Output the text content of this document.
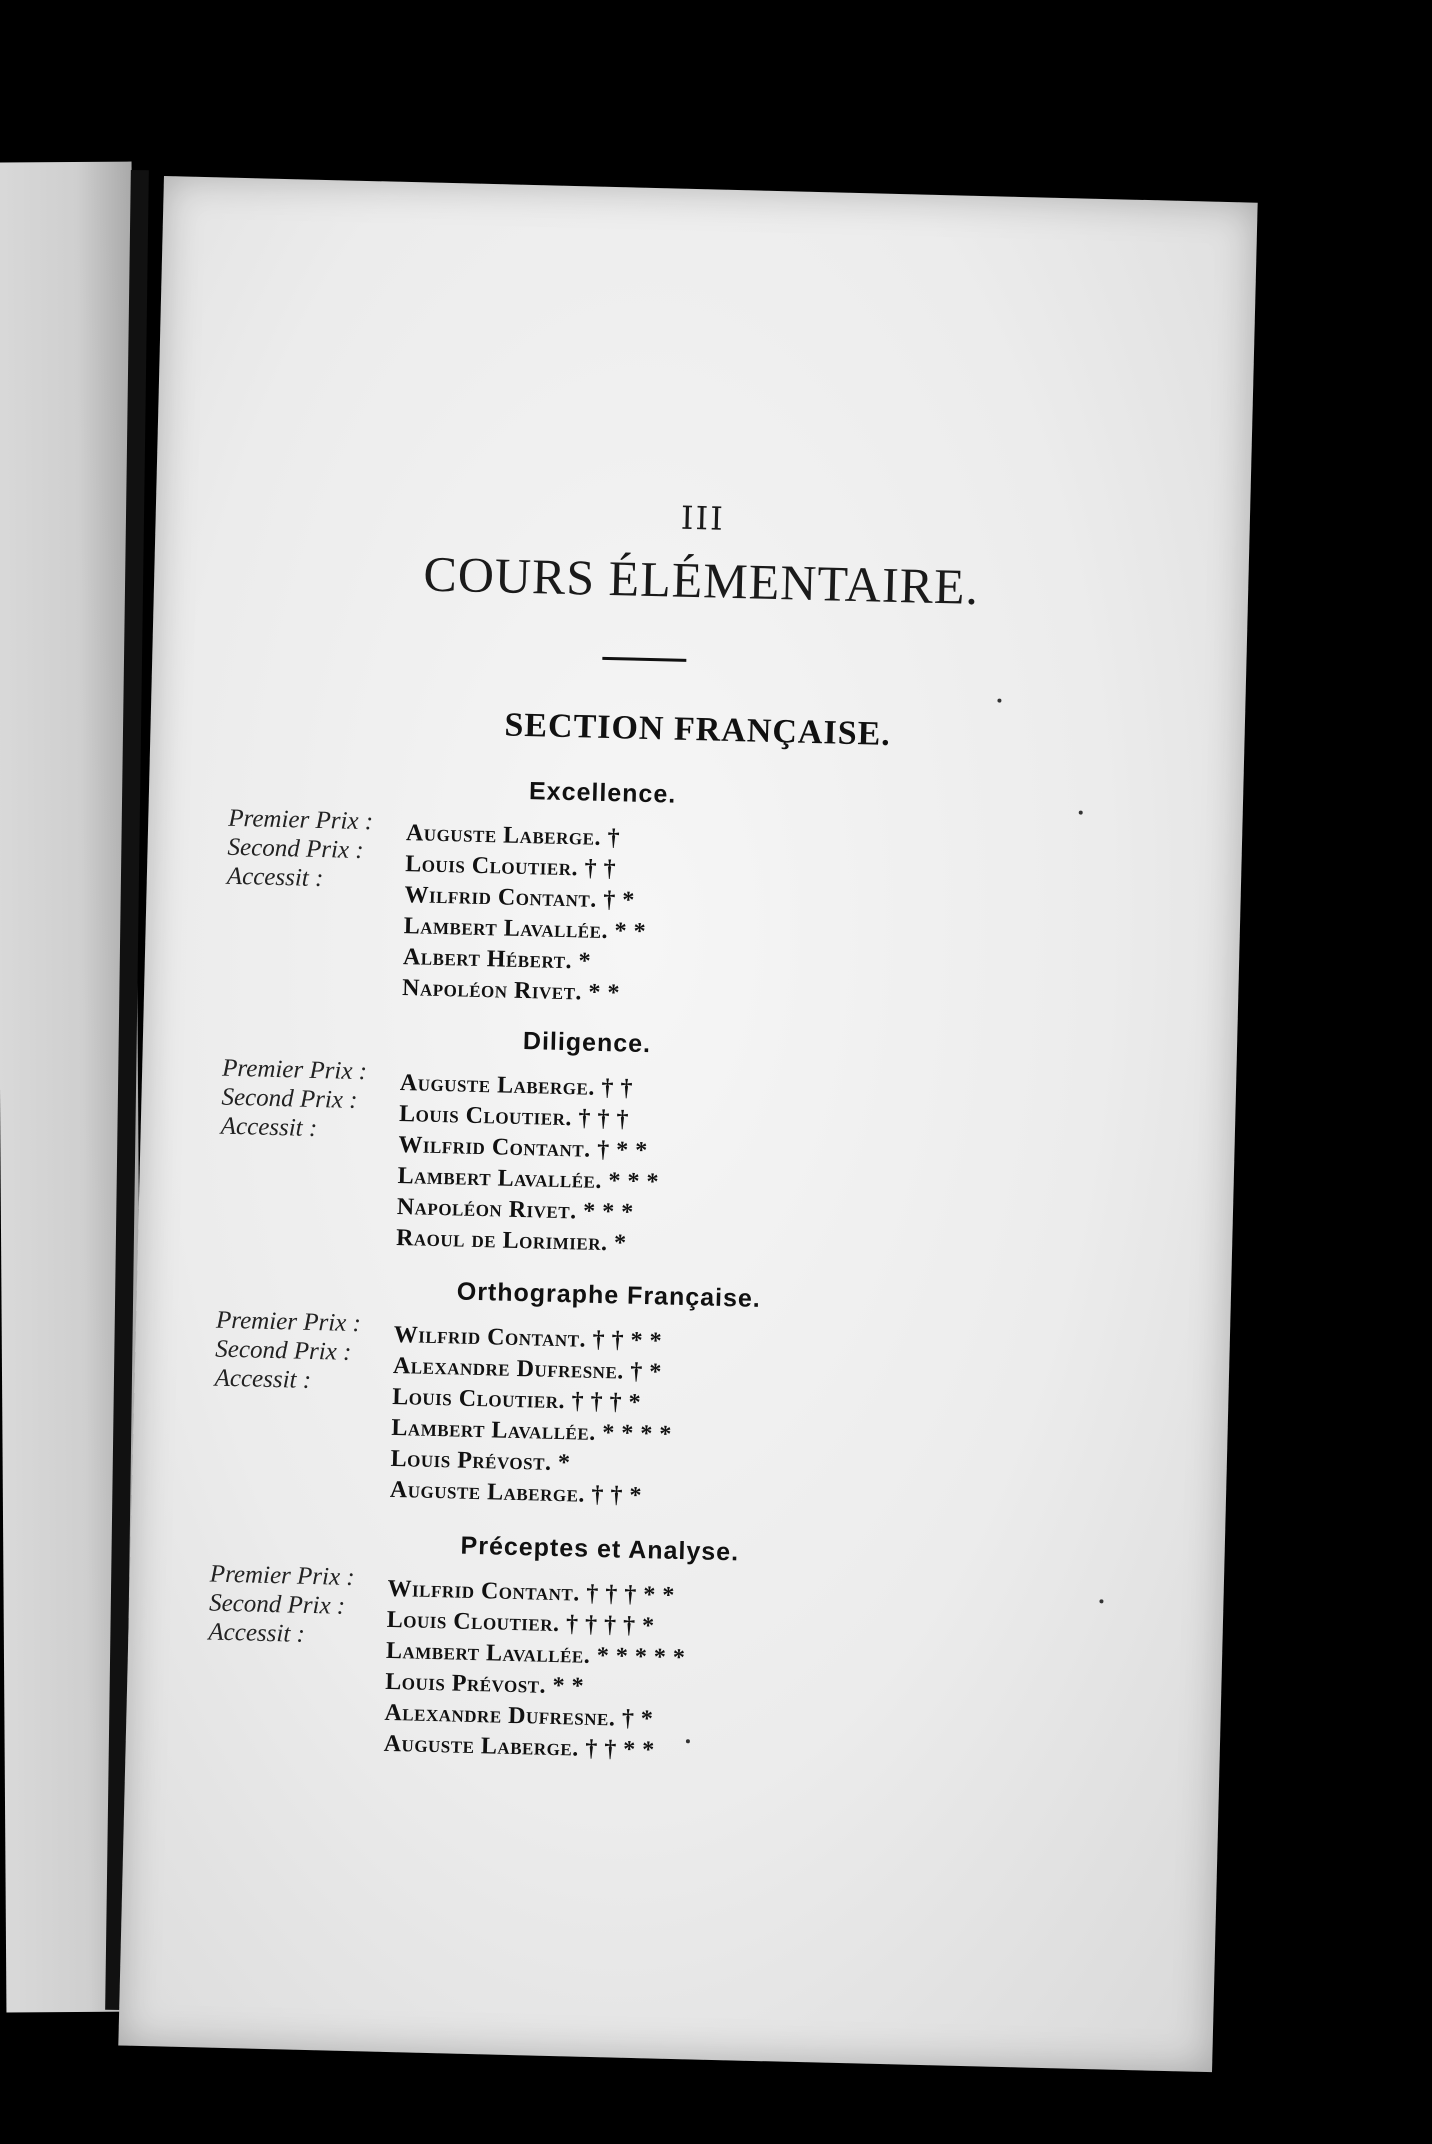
III
COURS ÉLÉMENTAIRE.
SECTION FRANÇAISE.
Excellence.
Premier Prix :
Second Prix :
Accessit :
Auguste Laberge. †
Louis Cloutier. † †
Wilfrid Contant. † *
Lambert Lavallée. * *
Albert Hébert. *
Napoléon Rivet. * *
Diligence.
Premier Prix :
Second Prix :
Accessit :
Auguste Laberge. † †
Louis Cloutier. † † †
Wilfrid Contant. † * *
Lambert Lavallée. * * *
Napoléon Rivet. * * *
Raoul de Lorimier. *
Orthographe Française.
Premier Prix :
Second Prix :
Accessit :
Wilfrid Contant. † † * *
Alexandre Dufresne. † *
Louis Cloutier. † † † *
Lambert Lavallée. * * * *
Louis Prévost. *
Auguste Laberge. † † *
Préceptes et Analyse.
Premier Prix :
Second Prix :
Accessit :
Wilfrid Contant. † † † * *
Louis Cloutier. † † † † *
Lambert Lavallée. * * * * *
Louis Prévost. * *
Alexandre Dufresne. † *
Auguste Laberge. † † * *
